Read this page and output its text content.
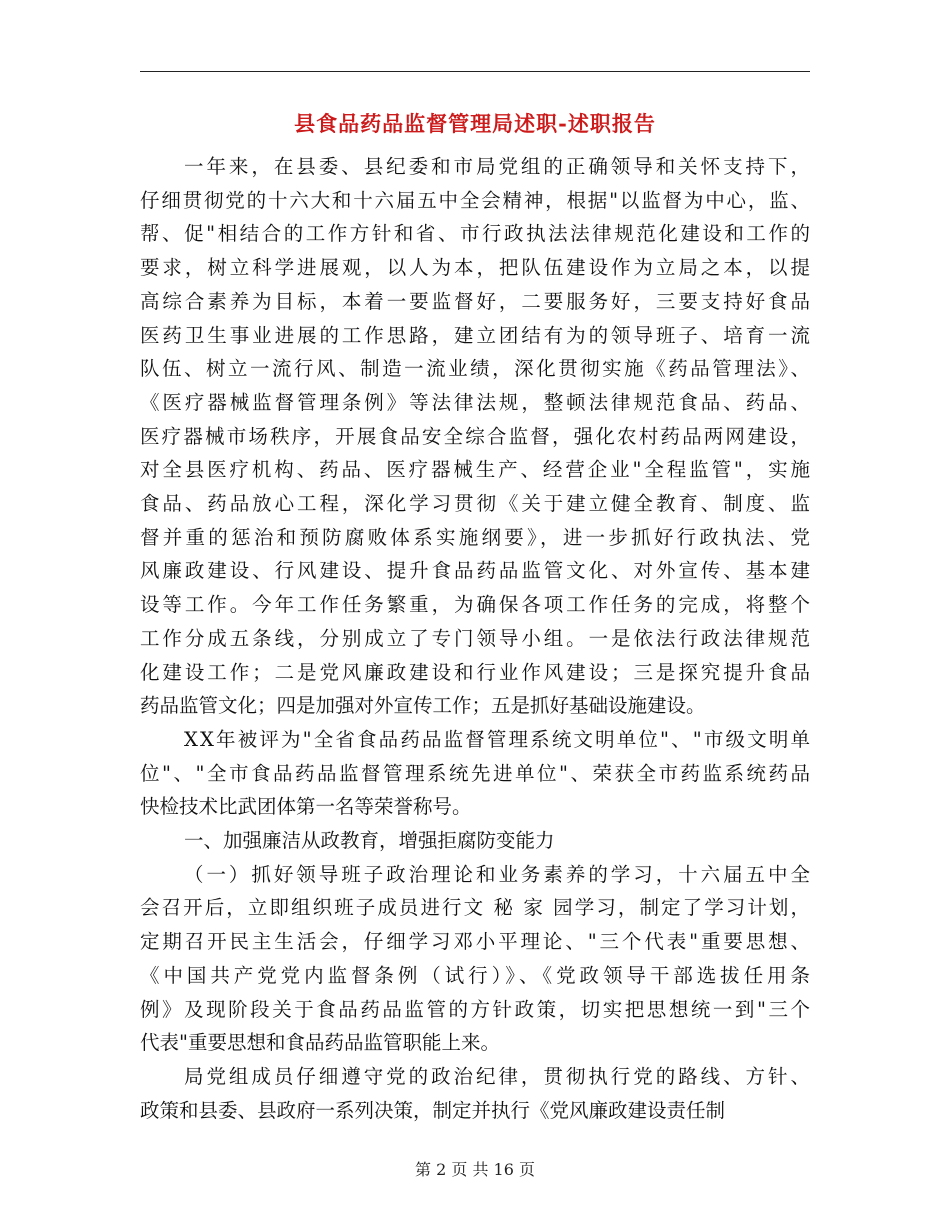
县食品药品监督管理局述职-述职报告
一年来，在县委、县纪委和市局党组的正确领导和关怀支持下，
仔细贯彻党的十六大和十六届五中全会精神，根据"以监督为中心，监、
帮、促"相结合的工作方针和省、市行政执法法律规范化建设和工作的
要求，树立科学进展观，以人为本，把队伍建设作为立局之本，以提
高综合素养为目标，本着一要监督好，二要服务好，三要支持好食品
医药卫生事业进展的工作思路，建立团结有为的领导班子、培育一流
队伍、树立一流行风、制造一流业绩，深化贯彻实施《药品管理法》、
《医疗器械监督管理条例》等法律法规，整顿法律规范食品、药品、
医疗器械市场秩序，开展食品安全综合监督，强化农村药品两网建设，
对全县医疗机构、药品、医疗器械生产、经营企业"全程监管"，实施
食品、药品放心工程，深化学习贯彻《关于建立健全教育、制度、监
督并重的惩治和预防腐败体系实施纲要》，进一步抓好行政执法、党
风廉政建设、行风建设、提升食品药品监管文化、对外宣传、基本建
设等工作。今年工作任务繁重，为确保各项工作任务的完成，将整个
工作分成五条线，分别成立了专门领导小组。一是依法行政法律规范
化建设工作；二是党风廉政建设和行业作风建设；三是探究提升食品
药品监管文化；四是加强对外宣传工作；五是抓好基础设施建设。
XX年被评为"全省食品药品监督管理系统文明单位"、"市级文明单
位"、"全市食品药品监督管理系统先进单位"、荣获全市药监系统药品
快检技术比武团体第一名等荣誉称号。
一、加强廉洁从政教育，增强拒腐防变能力
（一）抓好领导班子政治理论和业务素养的学习，十六届五中全
会召开后，立即组织班子成员进行文 秘 家 园学习，制定了学习计划，
定期召开民主生活会，仔细学习邓小平理论、"三个代表"重要思想、
《中国共产党党内监督条例（试行）》、《党政领导干部选拔任用条
例》及现阶段关于食品药品监管的方针政策，切实把思想统一到"三个
代表"重要思想和食品药品监管职能上来。
局党组成员仔细遵守党的政治纪律，贯彻执行党的路线、方针、
政策和县委、县政府一系列决策，制定并执行《党风廉政建设责任制
第 2 页 共 16 页
